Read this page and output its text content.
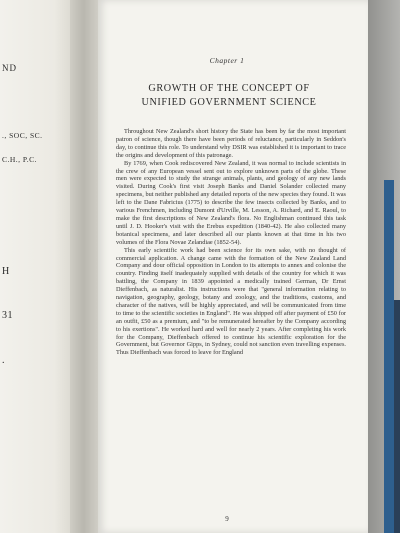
ND
., SOC, SC.
C.H., P.C.
H
31
.
Chapter 1
GROWTH OF THE CONCEPT OF
UNIFIED GOVERNMENT SCIENCE

Throughout New Zealand's short history the State has been by far the most important patron of science, though there have been periods of reluctance, particularly in Seddon's day, to continue this role. To understand why DSIR was established it is important to trace the origins and development of this patronage.

By 1769, when Cook rediscovered New Zealand, it was normal to include scientists in the crew of any European vessel sent out to explore unknown parts of the globe. These men were expected to study the strange animals, plants, and geology of any new lands visited. During Cook's first visit Joseph Banks and Daniel Solander collected many specimens, but neither published any detailed reports of the new species they found. It was left to the Dane Fabricius (1775) to describe the few insects collected by Banks, and to various Frenchmen, including Dumont d'Urville, M. Lesson, A. Richard, and E. Raoul, to make the first descriptions of New Zealand's flora. No Englishman continued this task until J. D. Hooker's visit with the Erebus expedition (1840-42). He also collected many botanical specimens, and later described all our plants known at that time in his two volumes of the Flora Novae Zelandiae (1852-54).

This early scientific work had been science for its own sake, with no thought of commercial application. A change came with the formation of the New Zealand Land Company and dour official opposition in London to its attempts to annex and colonise the country. Finding itself inadequately supplied with details of the country for which it was battling, the Company in 1839 appointed a medically trained German, Dr Ernst Dieffenbach, as naturalist. His instructions were that "general information relating to navigation, geography, geology, botany and zoology, and the traditions, customs, and character of the natives, will be highly appreciated, and will be communicated from time to time to the scientific societies in England". He was shipped off after payment of £50 for an outfit, £50 as a premium, and "to be remunerated hereafter by the Company according to his exertions". He worked hard and well for nearly 2 years. After completing his work for the Company, Dieffenbach offered to continue his scientific exploration for the Government, but Governor Gipps, in Sydney, could not sanction even travelling expenses. Thus Dieffenbach was forced to leave for England

9
